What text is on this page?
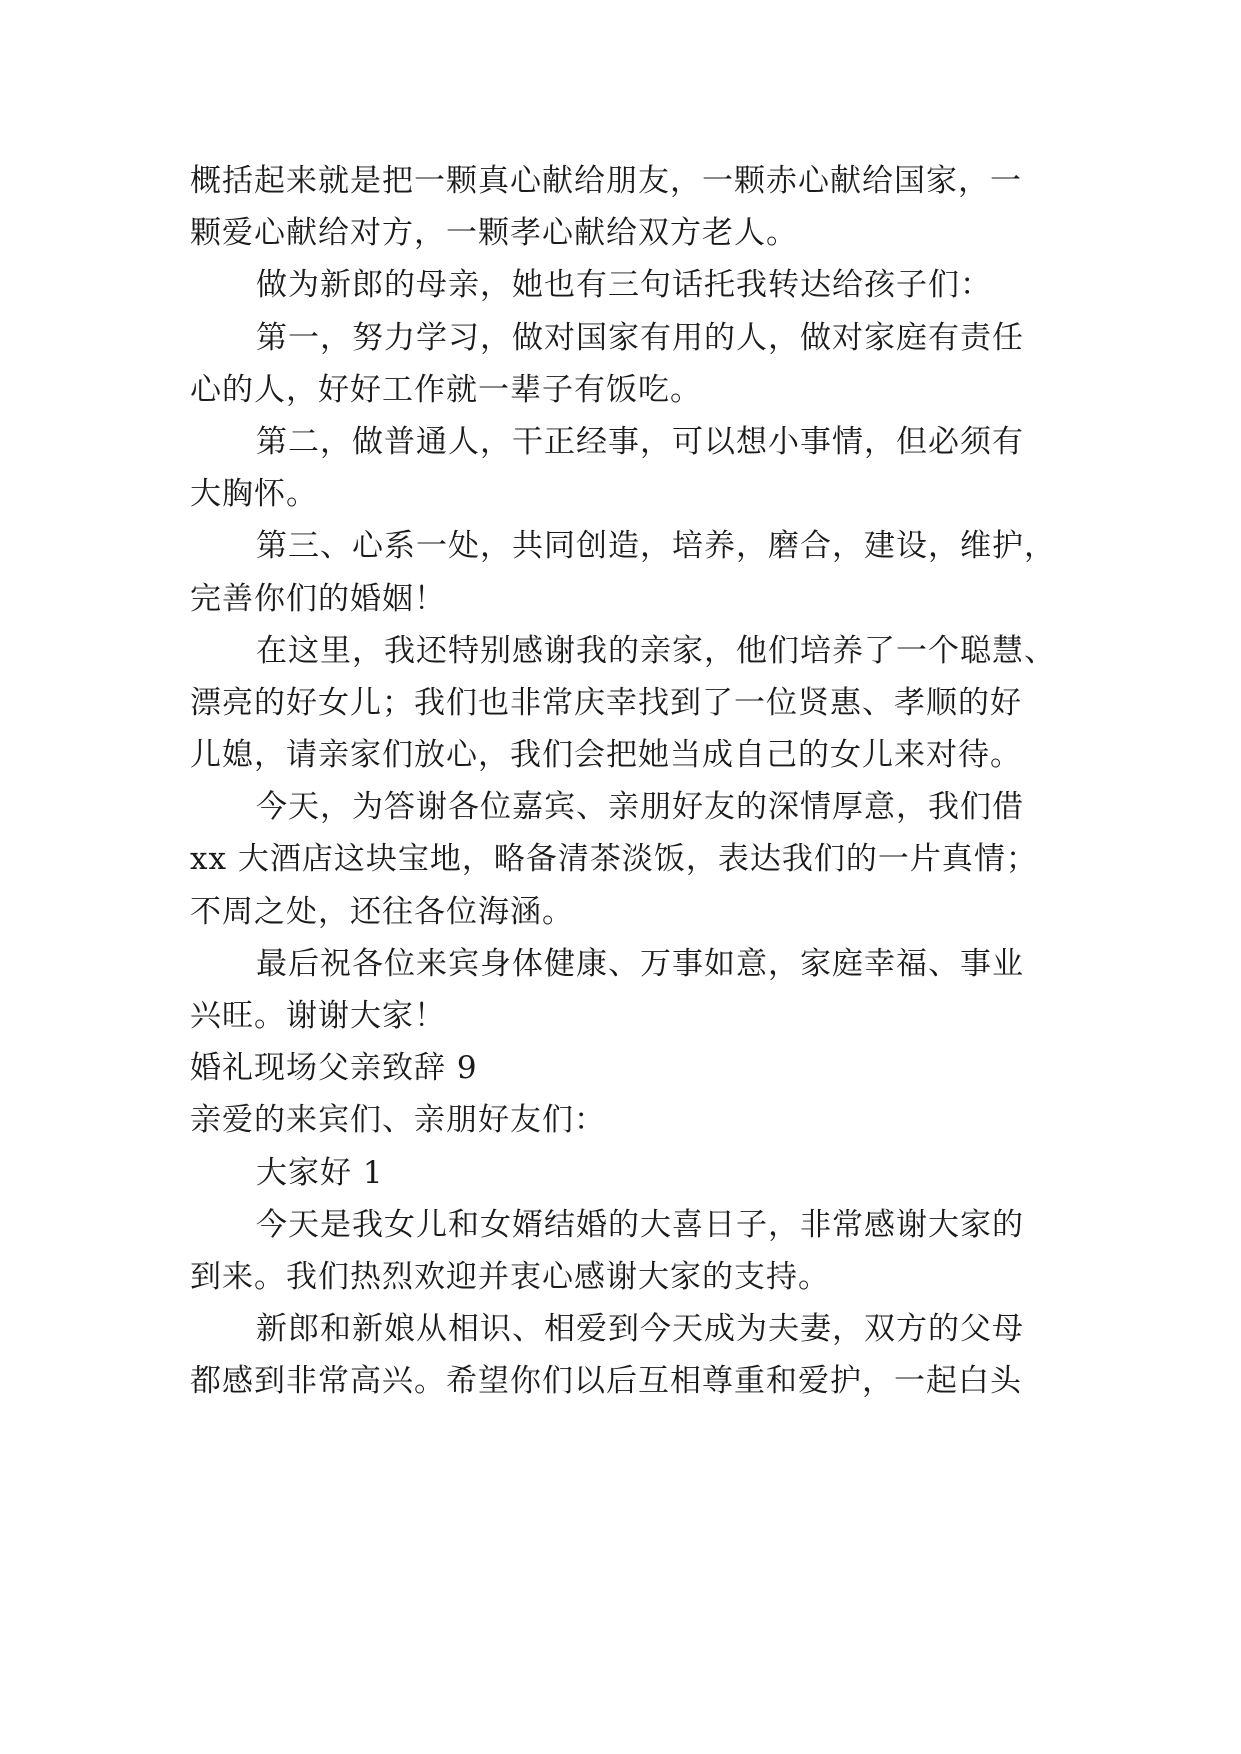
概括起来就是把一颗真心献给朋友，一颗赤心献给国家，一
颗爱心献给对方，一颗孝心献给双方老人。
做为新郎的母亲，她也有三句话托我转达给孩子们：
第一，努力学习，做对国家有用的人，做对家庭有责任
心的人，好好工作就一辈子有饭吃。
第二，做普通人，干正经事，可以想小事情，但必须有
大胸怀。
第三、心系一处，共同创造，培养，磨合，建设，维护，
完善你们的婚姻！
在这里，我还特别感谢我的亲家，他们培养了一个聪慧、
漂亮的好女儿；我们也非常庆幸找到了一位贤惠、孝顺的好
儿媳，请亲家们放心，我们会把她当成自己的女儿来对待。
今天，为答谢各位嘉宾、亲朋好友的深情厚意，我们借
xx 大酒店这块宝地，略备清茶淡饭，表达我们的一片真情；
不周之处，还往各位海涵。
最后祝各位来宾身体健康、万事如意，家庭幸福、事业
兴旺。谢谢大家！
婚礼现场父亲致辞 9
亲爱的来宾们、亲朋好友们：
大家好 1
今天是我女儿和女婿结婚的大喜日子，非常感谢大家的
到来。我们热烈欢迎并衷心感谢大家的支持。
新郎和新娘从相识、相爱到今天成为夫妻，双方的父母
都感到非常高兴。希望你们以后互相尊重和爱护，一起白头
